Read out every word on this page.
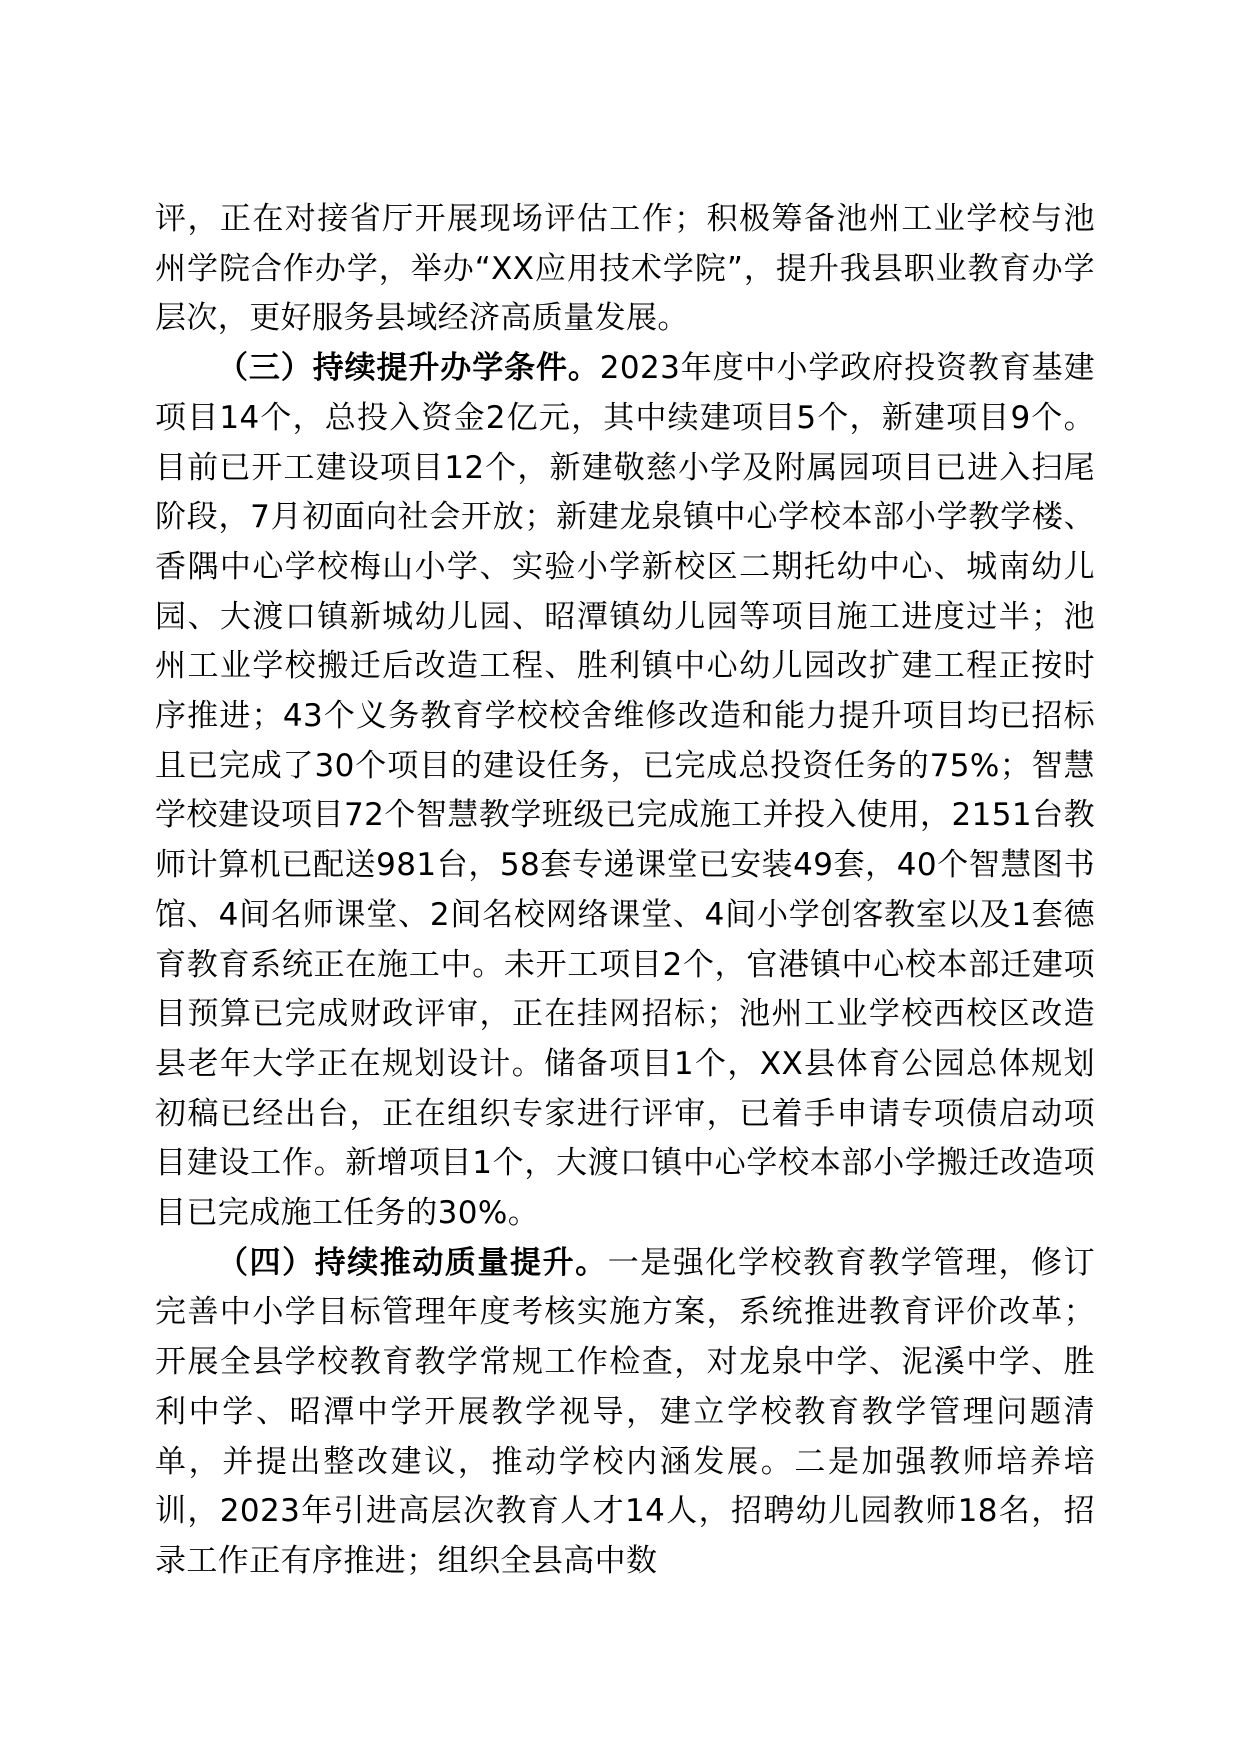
评，正在对接省厅开展现场评估工作；积极筹备池州工业学校与池州学院合作办学，举办“XX应用技术学院”，提升我县职业教育办学层次，更好服务县域经济高质量发展。

（三）持续提升办学条件。2023年度中小学政府投资教育基建项目14个，总投入资金2亿元，其中续建项目5个，新建项目9个。目前已开工建设项目12个，新建敬慈小学及附属园项目已进入扫尾阶段，7月初面向社会开放；新建龙泉镇中心学校本部小学教学楼、香隅中心学校梅山小学、实验小学新校区二期托幼中心、城南幼儿园、大渡口镇新城幼儿园、昭潭镇幼儿园等项目施工进度过半；池州工业学校搬迁后改造工程、胜利镇中心幼儿园改扩建工程正按时序推进；43个义务教育学校校舍维修改造和能力提升项目均已招标且已完成了30个项目的建设任务，已完成总投资任务的75%；智慧学校建设项目72个智慧教学班级已完成施工并投入使用，2151台教师计算机已配送981台，58套专递课堂已安装49套，40个智慧图书馆、4间名师课堂、2间名校网络课堂、4间小学创客教室以及1套德育教育系统正在施工中。未开工项目2个，官港镇中心校本部迁建项目预算已完成财政评审，正在挂网招标；池州工业学校西校区改造县老年大学正在规划设计。储备项目1个，XX县体育公园总体规划初稿已经出台，正在组织专家进行评审，已着手申请专项债启动项目建设工作。新增项目1个，大渡口镇中心学校本部小学搬迁改造项目已完成施工任务的30%。

（四）持续推动质量提升。一是强化学校教育教学管理，修订完善中小学目标管理年度考核实施方案，系统推进教育评价改革；开展全县学校教育教学常规工作检查，对龙泉中学、泥溪中学、胜利中学、昭潭中学开展教学视导，建立学校教育教学管理问题清单，并提出整改建议，推动学校内涵发展。二是加强教师培养培训，2023年引进高层次教育人才14人，招聘幼儿园教师18名，招录工作正有序推进；组织全县高中数
